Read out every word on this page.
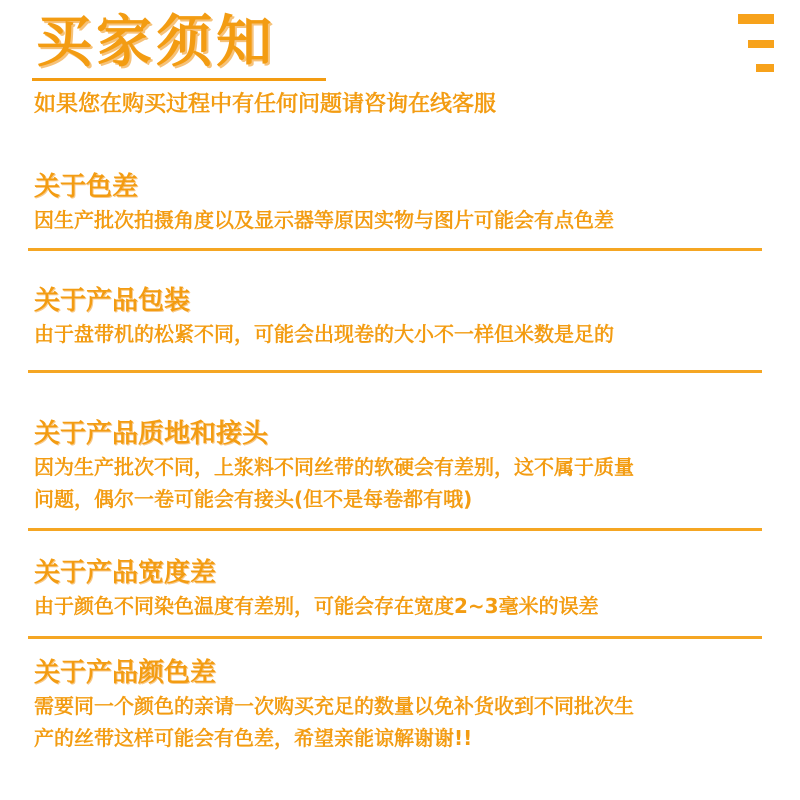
买家须知
如果您在购买过程中有任何问题请咨询在线客服
关于色差
因生产批次拍摄角度以及显示器等原因实物与图片可能会有点色差
关于产品包装
由于盘带机的松紧不同，可能会出现卷的大小不一样但米数是足的
关于产品质地和接头
因为生产批次不同，上浆料不同丝带的软硬会有差别，这不属于质量
问题，偶尔一卷可能会有接头(但不是每卷都有哦)
关于产品宽度差
由于颜色不同染色温度有差别，可能会存在宽度2~3毫米的误差
关于产品颜色差
需要同一个颜色的亲请一次购买充足的数量以免补货收到不同批次生
产的丝带这样可能会有色差，希望亲能谅解谢谢!!
